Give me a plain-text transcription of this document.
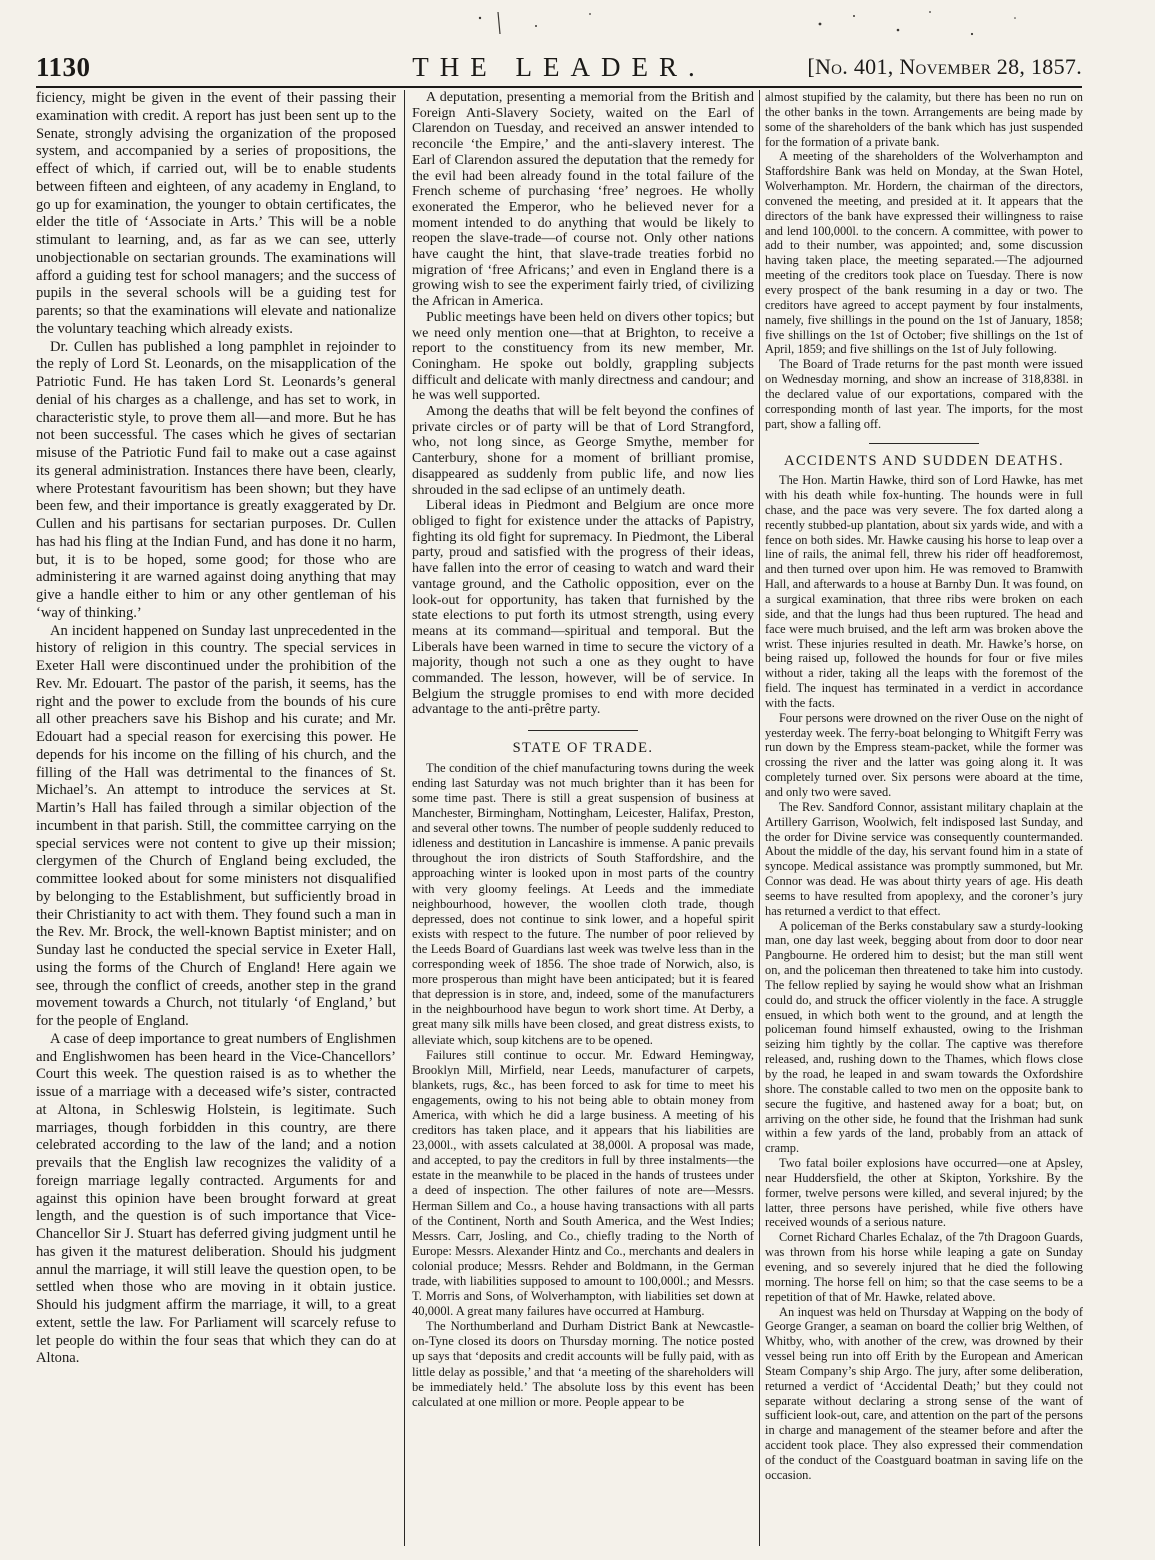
1130	THE LEADER.	[No. 401, November 28, 1857.

ficiency, might be given in the event of their passing their examination with credit. A report has just been sent up to the Senate, strongly advising the organization of the proposed system, and accompanied by a series of propositions, the effect of which, if carried out, will be to enable students between fifteen and eighteen, of any academy in England, to go up for examination, the younger to obtain certificates, the elder the title of ‘Associate in Arts.’ This will be a noble stimulant to learning, and, as far as we can see, utterly unobjectionable on sectarian grounds. The examinations will afford a guiding test for school managers; and the success of pupils in the several schools will be a guiding test for parents; so that the examinations will elevate and nationalize the voluntary teaching which already exists.

Dr. Cullen has published a long pamphlet in rejoinder to the reply of Lord St. Leonards, on the misapplication of the Patriotic Fund. He has taken Lord St. Leonards’s general denial of his charges as a challenge, and has set to work, in characteristic style, to prove them all—and more. But he has not been successful. The cases which he gives of sectarian misuse of the Patriotic Fund fail to make out a case against its general administration. Instances there have been, clearly, where Protestant favouritism has been shown; but they have been few, and their importance is greatly exaggerated by Dr. Cullen and his partisans for sectarian purposes. Dr. Cullen has had his fling at the Indian Fund, and has done it no harm, but, it is to be hoped, some good; for those who are administering it are warned against doing anything that may give a handle either to him or any other gentleman of his ‘way of thinking.’

An incident happened on Sunday last unprecedented in the history of religion in this country. The special services in Exeter Hall were discontinued under the prohibition of the Rev. Mr. Edouart. The pastor of the parish, it seems, has the right and the power to exclude from the bounds of his cure all other preachers save his Bishop and his curate; and Mr. Edouart had a special reason for exercising this power. He depends for his income on the filling of his church, and the filling of the Hall was detrimental to the finances of St. Michael’s. An attempt to introduce the services at St. Martin’s Hall has failed through a similar objection of the incumbent in that parish. Still, the committee carrying on the special services were not content to give up their mission; clergymen of the Church of England being excluded, the committee looked about for some ministers not disqualified by belonging to the Establishment, but sufficiently broad in their Christianity to act with them. They found such a man in the Rev. Mr. Brock, the well-known Baptist minister; and on Sunday last he conducted the special service in Exeter Hall, using the forms of the Church of England! Here again we see, through the conflict of creeds, another step in the grand movement towards a Church, not titularly ‘of England,’ but for the people of England.

A case of deep importance to great numbers of Englishmen and Englishwomen has been heard in the Vice-Chancellors’ Court this week. The question raised is as to whether the issue of a marriage with a deceased wife’s sister, contracted at Altona, in Schleswig Holstein, is legitimate. Such marriages, though forbidden in this country, are there celebrated according to the law of the land; and a notion prevails that the English law recognizes the validity of a foreign marriage legally contracted. Arguments for and against this opinion have been brought forward at great length, and the question is of such importance that Vice-Chancellor Sir J. Stuart has deferred giving judgment until he has given it the maturest deliberation. Should his judgment annul the marriage, it will still leave the question open, to be settled when those who are moving in it obtain justice. Should his judgment affirm the marriage, it will, to a great extent, settle the law. For Parliament will scarcely refuse to let people do within the four seas that which they can do at Altona.

A deputation, presenting a memorial from the British and Foreign Anti-Slavery Society, waited on the Earl of Clarendon on Tuesday, and received an answer intended to reconcile ‘the Empire,’ and the anti-slavery interest. The Earl of Clarendon assured the deputation that the remedy for the evil had been already found in the total failure of the French scheme of purchasing ‘free’ negroes. He wholly exonerated the Emperor, who he believed never for a moment intended to do anything that would be likely to reopen the slave-trade—of course not. Only other nations have caught the hint, that slave-trade treaties forbid no migration of ‘free Africans;’ and even in England there is a growing wish to see the experiment fairly tried, of civilizing the African in America.

Public meetings have been held on divers other topics; but we need only mention one—that at Brighton, to receive a report to the constituency from its new member, Mr. Coningham. He spoke out boldly, grappling subjects difficult and delicate with manly directness and candour; and he was well supported.

Among the deaths that will be felt beyond the confines of private circles or of party will be that of Lord Strangford, who, not long since, as George Smythe, member for Canterbury, shone for a moment of brilliant promise, disappeared as suddenly from public life, and now lies shrouded in the sad eclipse of an untimely death.

Liberal ideas in Piedmont and Belgium are once more obliged to fight for existence under the attacks of Papistry, fighting its old fight for supremacy. In Piedmont, the Liberal party, proud and satisfied with the progress of their ideas, have fallen into the error of ceasing to watch and ward their vantage ground, and the Catholic opposition, ever on the look-out for opportunity, has taken that furnished by the state elections to put forth its utmost strength, using every means at its command—spiritual and temporal. But the Liberals have been warned in time to secure the victory of a majority, though not such a one as they ought to have commanded. The lesson, however, will be of service. In Belgium the struggle promises to end with more decided advantage to the anti-prêtre party.

STATE OF TRADE.

The condition of the chief manufacturing towns during the week ending last Saturday was not much brighter than it has been for some time past. There is still a great suspension of business at Manchester, Birmingham, Nottingham, Leicester, Halifax, Preston, and several other towns. The number of people suddenly reduced to idleness and destitution in Lancashire is immense. A panic prevails throughout the iron districts of South Staffordshire, and the approaching winter is looked upon in most parts of the country with very gloomy feelings. At Leeds and the immediate neighbourhood, however, the woollen cloth trade, though depressed, does not continue to sink lower, and a hopeful spirit exists with respect to the future. The number of poor relieved by the Leeds Board of Guardians last week was twelve less than in the corresponding week of 1856. The shoe trade of Norwich, also, is more prosperous than might have been anticipated; but it is feared that depression is in store, and, indeed, some of the manufacturers in the neighbourhood have begun to work short time. At Derby, a great many silk mills have been closed, and great distress exists, to alleviate which, soup kitchens are to be opened.

Failures still continue to occur. Mr. Edward Hemingway, Brooklyn Mill, Mirfield, near Leeds, manufacturer of carpets, blankets, rugs, &c., has been forced to ask for time to meet his engagements, owing to his not being able to obtain money from America, with which he did a large business. A meeting of his creditors has taken place, and it appears that his liabilities are 23,000l., with assets calculated at 38,000l. A proposal was made, and accepted, to pay the creditors in full by three instalments—the estate in the meanwhile to be placed in the hands of trustees under a deed of inspection. The other failures of note are—Messrs. Herman Sillem and Co., a house having transactions with all parts of the Continent, North and South America, and the West Indies; Messrs. Carr, Josling, and Co., chiefly trading to the North of Europe: Messrs. Alexander Hintz and Co., merchants and dealers in colonial produce; Messrs. Rehder and Boldmann, in the German trade, with liabilities supposed to amount to 100,000l.; and Messrs. T. Morris and Sons, of Wolverhampton, with liabilities set down at 40,000l. A great many failures have occurred at Hamburg.

The Northumberland and Durham District Bank at Newcastle-on-Tyne closed its doors on Thursday morning. The notice posted up says that ‘deposits and credit accounts will be fully paid, with as little delay as possible,’ and that ‘a meeting of the shareholders will be immediately held.’ The absolute loss by this event has been calculated at one million or more. People appear to be

almost stupified by the calamity, but there has been no run on the other banks in the town. Arrangements are being made by some of the shareholders of the bank which has just suspended for the formation of a private bank.

A meeting of the shareholders of the Wolverhampton and Staffordshire Bank was held on Monday, at the Swan Hotel, Wolverhampton. Mr. Hordern, the chairman of the directors, convened the meeting, and presided at it. It appears that the directors of the bank have expressed their willingness to raise and lend 100,000l. to the concern. A committee, with power to add to their number, was appointed; and, some discussion having taken place, the meeting separated.—The adjourned meeting of the creditors took place on Tuesday. There is now every prospect of the bank resuming in a day or two. The creditors have agreed to accept payment by four instalments, namely, five shillings in the pound on the 1st of January, 1858; five shillings on the 1st of October; five shillings on the 1st of April, 1859; and five shillings on the 1st of July following.

The Board of Trade returns for the past month were issued on Wednesday morning, and show an increase of 318,838l. in the declared value of our exportations, compared with the corresponding month of last year. The imports, for the most part, show a falling off.

ACCIDENTS AND SUDDEN DEATHS.

The Hon. Martin Hawke, third son of Lord Hawke, has met with his death while fox-hunting. The hounds were in full chase, and the pace was very severe. The fox darted along a recently stubbed-up plantation, about six yards wide, and with a fence on both sides. Mr. Hawke causing his horse to leap over a line of rails, the animal fell, threw his rider off headforemost, and then turned over upon him. He was removed to Bramwith Hall, and afterwards to a house at Barnby Dun. It was found, on a surgical examination, that three ribs were broken on each side, and that the lungs had thus been ruptured. The head and face were much bruised, and the left arm was broken above the wrist. These injuries resulted in death. Mr. Hawke’s horse, on being raised up, followed the hounds for four or five miles without a rider, taking all the leaps with the foremost of the field. The inquest has terminated in a verdict in accordance with the facts.

Four persons were drowned on the river Ouse on the night of yesterday week. The ferry-boat belonging to Whitgift Ferry was run down by the Empress steam-packet, while the former was crossing the river and the latter was going along it. It was completely turned over. Six persons were aboard at the time, and only two were saved.

The Rev. Sandford Connor, assistant military chaplain at the Artillery Garrison, Woolwich, felt indisposed last Sunday, and the order for Divine service was consequently countermanded. About the middle of the day, his servant found him in a state of syncope. Medical assistance was promptly summoned, but Mr. Connor was dead. He was about thirty years of age. His death seems to have resulted from apoplexy, and the coroner’s jury has returned a verdict to that effect.

A policeman of the Berks constabulary saw a sturdy-looking man, one day last week, begging about from door to door near Pangbourne. He ordered him to desist; but the man still went on, and the policeman then threatened to take him into custody. The fellow replied by saying he would show what an Irishman could do, and struck the officer violently in the face. A struggle ensued, in which both went to the ground, and at length the policeman found himself exhausted, owing to the Irishman seizing him tightly by the collar. The captive was therefore released, and, rushing down to the Thames, which flows close by the road, he leaped in and swam towards the Oxfordshire shore. The constable called to two men on the opposite bank to secure the fugitive, and hastened away for a boat; but, on arriving on the other side, he found that the Irishman had sunk within a few yards of the land, probably from an attack of cramp.

Two fatal boiler explosions have occurred—one at Apsley, near Huddersfield, the other at Skipton, Yorkshire. By the former, twelve persons were killed, and several injured; by the latter, three persons have perished, while five others have received wounds of a serious nature.

Cornet Richard Charles Echalaz, of the 7th Dragoon Guards, was thrown from his horse while leaping a gate on Sunday evening, and so severely injured that he died the following morning. The horse fell on him; so that the case seems to be a repetition of that of Mr. Hawke, related above.

An inquest was held on Thursday at Wapping on the body of George Granger, a seaman on board the collier brig Welthen, of Whitby, who, with another of the crew, was drowned by their vessel being run into off Erith by the European and American Steam Company’s ship Argo. The jury, after some deliberation, returned a verdict of ‘Accidental Death;’ but they could not separate without declaring a strong sense of the want of sufficient look-out, care, and attention on the part of the persons in charge and management of the steamer before and after the accident took place. They also expressed their commendation of the conduct of the Coastguard boatman in saving life on the occasion.
